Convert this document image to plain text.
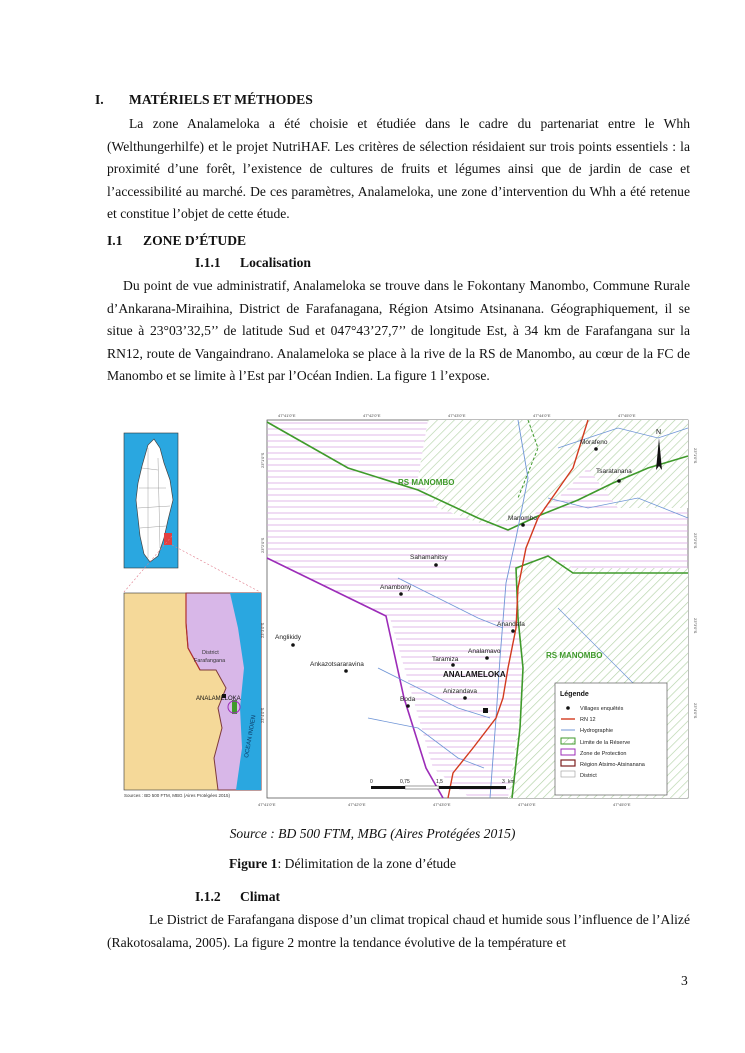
I. MATÉRIELS ET MÉTHODES
La zone Analameloka a été choisie et étudiée dans le cadre du partenariat entre le Whh (Welthungerhilfe) et le projet NutriHAF. Les critères de sélection résidaient sur trois points essentiels : la proximité d’une forêt, l’existence de cultures de fruits et légumes ainsi que de jardin de case et l’accessibilité au marché. De ces paramètres, Analameloka, une zone d’intervention du Whh a été retenue et constitue l’objet de cette étude.
I.1 ZONE D’ÉTUDE
I.1.1 Localisation
Du point de vue administratif, Analameloka se trouve dans le Fokontany Manombo, Commune Rurale d’Ankarana-Miraihina, District de Farafanagana, Région Atsimo Atsinanana. Géographiquement, il se situe à 23°03’32,5’’ de latitude Sud et 047°43’27,7’’ de longitude Est, à 34 km de Farafangana sur la RN12, route de Vangaindrano. Analameloka se place à la rive de la RS de Manombo, au cœur de la FC de Manombo et se limite à l’Est par l’Océan Indien. La figure 1 l’expose.
District
Farafangana
ANALAMELOKA
OCEAN INDIEN
Sources : BD 500 FTM, MBG (Aires Protégées 2015)
47°41'0"E	47°42'0"E	47°43'0"E	47°44'0"E	47°45'0"E
47°41'0"E	47°42'0"E	47°43'0"E	47°44'0"E	47°45'0"E
23°1'0"S
23°2'0"S
23°3'0"S
23°4'0"S
23°1'0"S
23°2'0"S
23°3'0"S
23°4'0"S
N
RS MANOMBO
RS MANOMBO
Morafeno
Tsaratanana
Manombo
Sahamahitsy
Anambony
Anandafa
Anglikidy
Ankazotsararavina
Taramiza
Analamavo
Anizandava
Boda
ANALAMELOKA
0	0,75	1,5	3 km
Légende
Villages enquêtés
RN 12
Hydrographie
Limite de la Réserve
Zone de Protection
Région Atsimo-Atsinanana
District
Source : BD 500 FTM, MBG (Aires Protégées 2015)
Figure 1: Délimitation de la zone d’étude
I.1.2 Climat
Le District de Farafangana dispose d’un climat tropical chaud et humide sous l’influence de l’Alizé (Rakotosalama, 2005). La figure 2 montre la tendance évolutive de la température et
3
